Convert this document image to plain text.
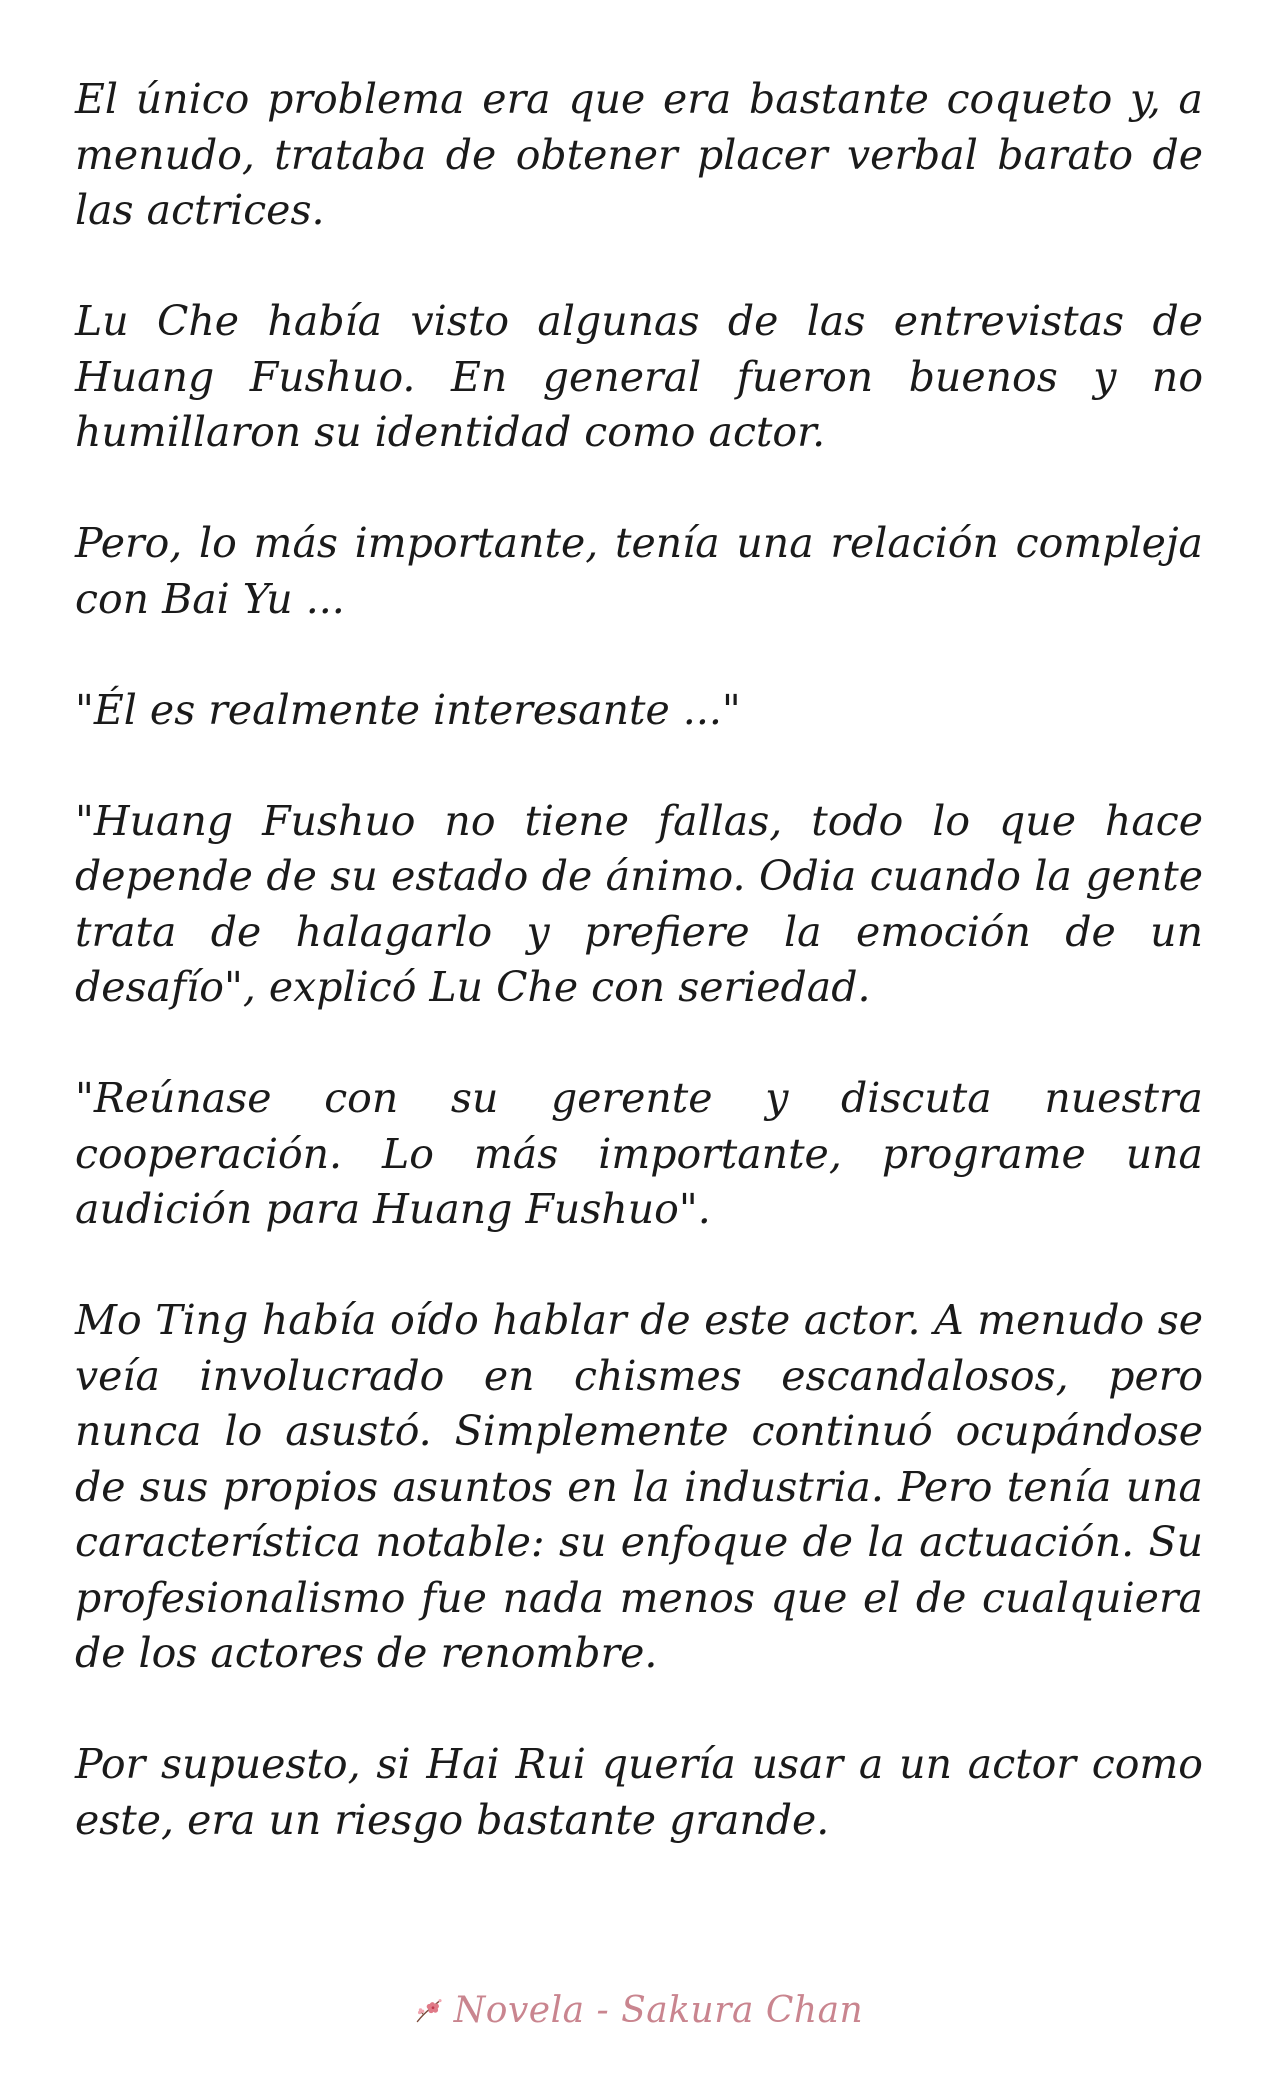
El único problema era que era bastante coqueto y, a menudo, trataba de obtener placer verbal barato de las actrices.

Lu Che había visto algunas de las entrevistas de Huang Fushuo. En general fueron buenos y no humillaron su identidad como actor.

Pero, lo más importante, tenía una relación compleja con Bai Yu ...

"Él es realmente interesante ..."

"Huang Fushuo no tiene fallas, todo lo que hace depende de su estado de ánimo. Odia cuando la gente trata de halagarlo y prefiere la emoción de un desafío", explicó Lu Che con seriedad.

"Reúnase con su gerente y discuta nuestra cooperación. Lo más importante, programe una audición para Huang Fushuo".

Mo Ting había oído hablar de este actor. A menudo se veía involucrado en chismes escandalosos, pero nunca lo asustó. Simplemente continuó ocupándose de sus propios asuntos en la industria. Pero tenía una característica notable: su enfoque de la actuación. Su profesionalismo fue nada menos que el de cualquiera de los actores de renombre.

Por supuesto, si Hai Rui quería usar a un actor como este, era un riesgo bastante grande.

Novela - Sakura Chan
